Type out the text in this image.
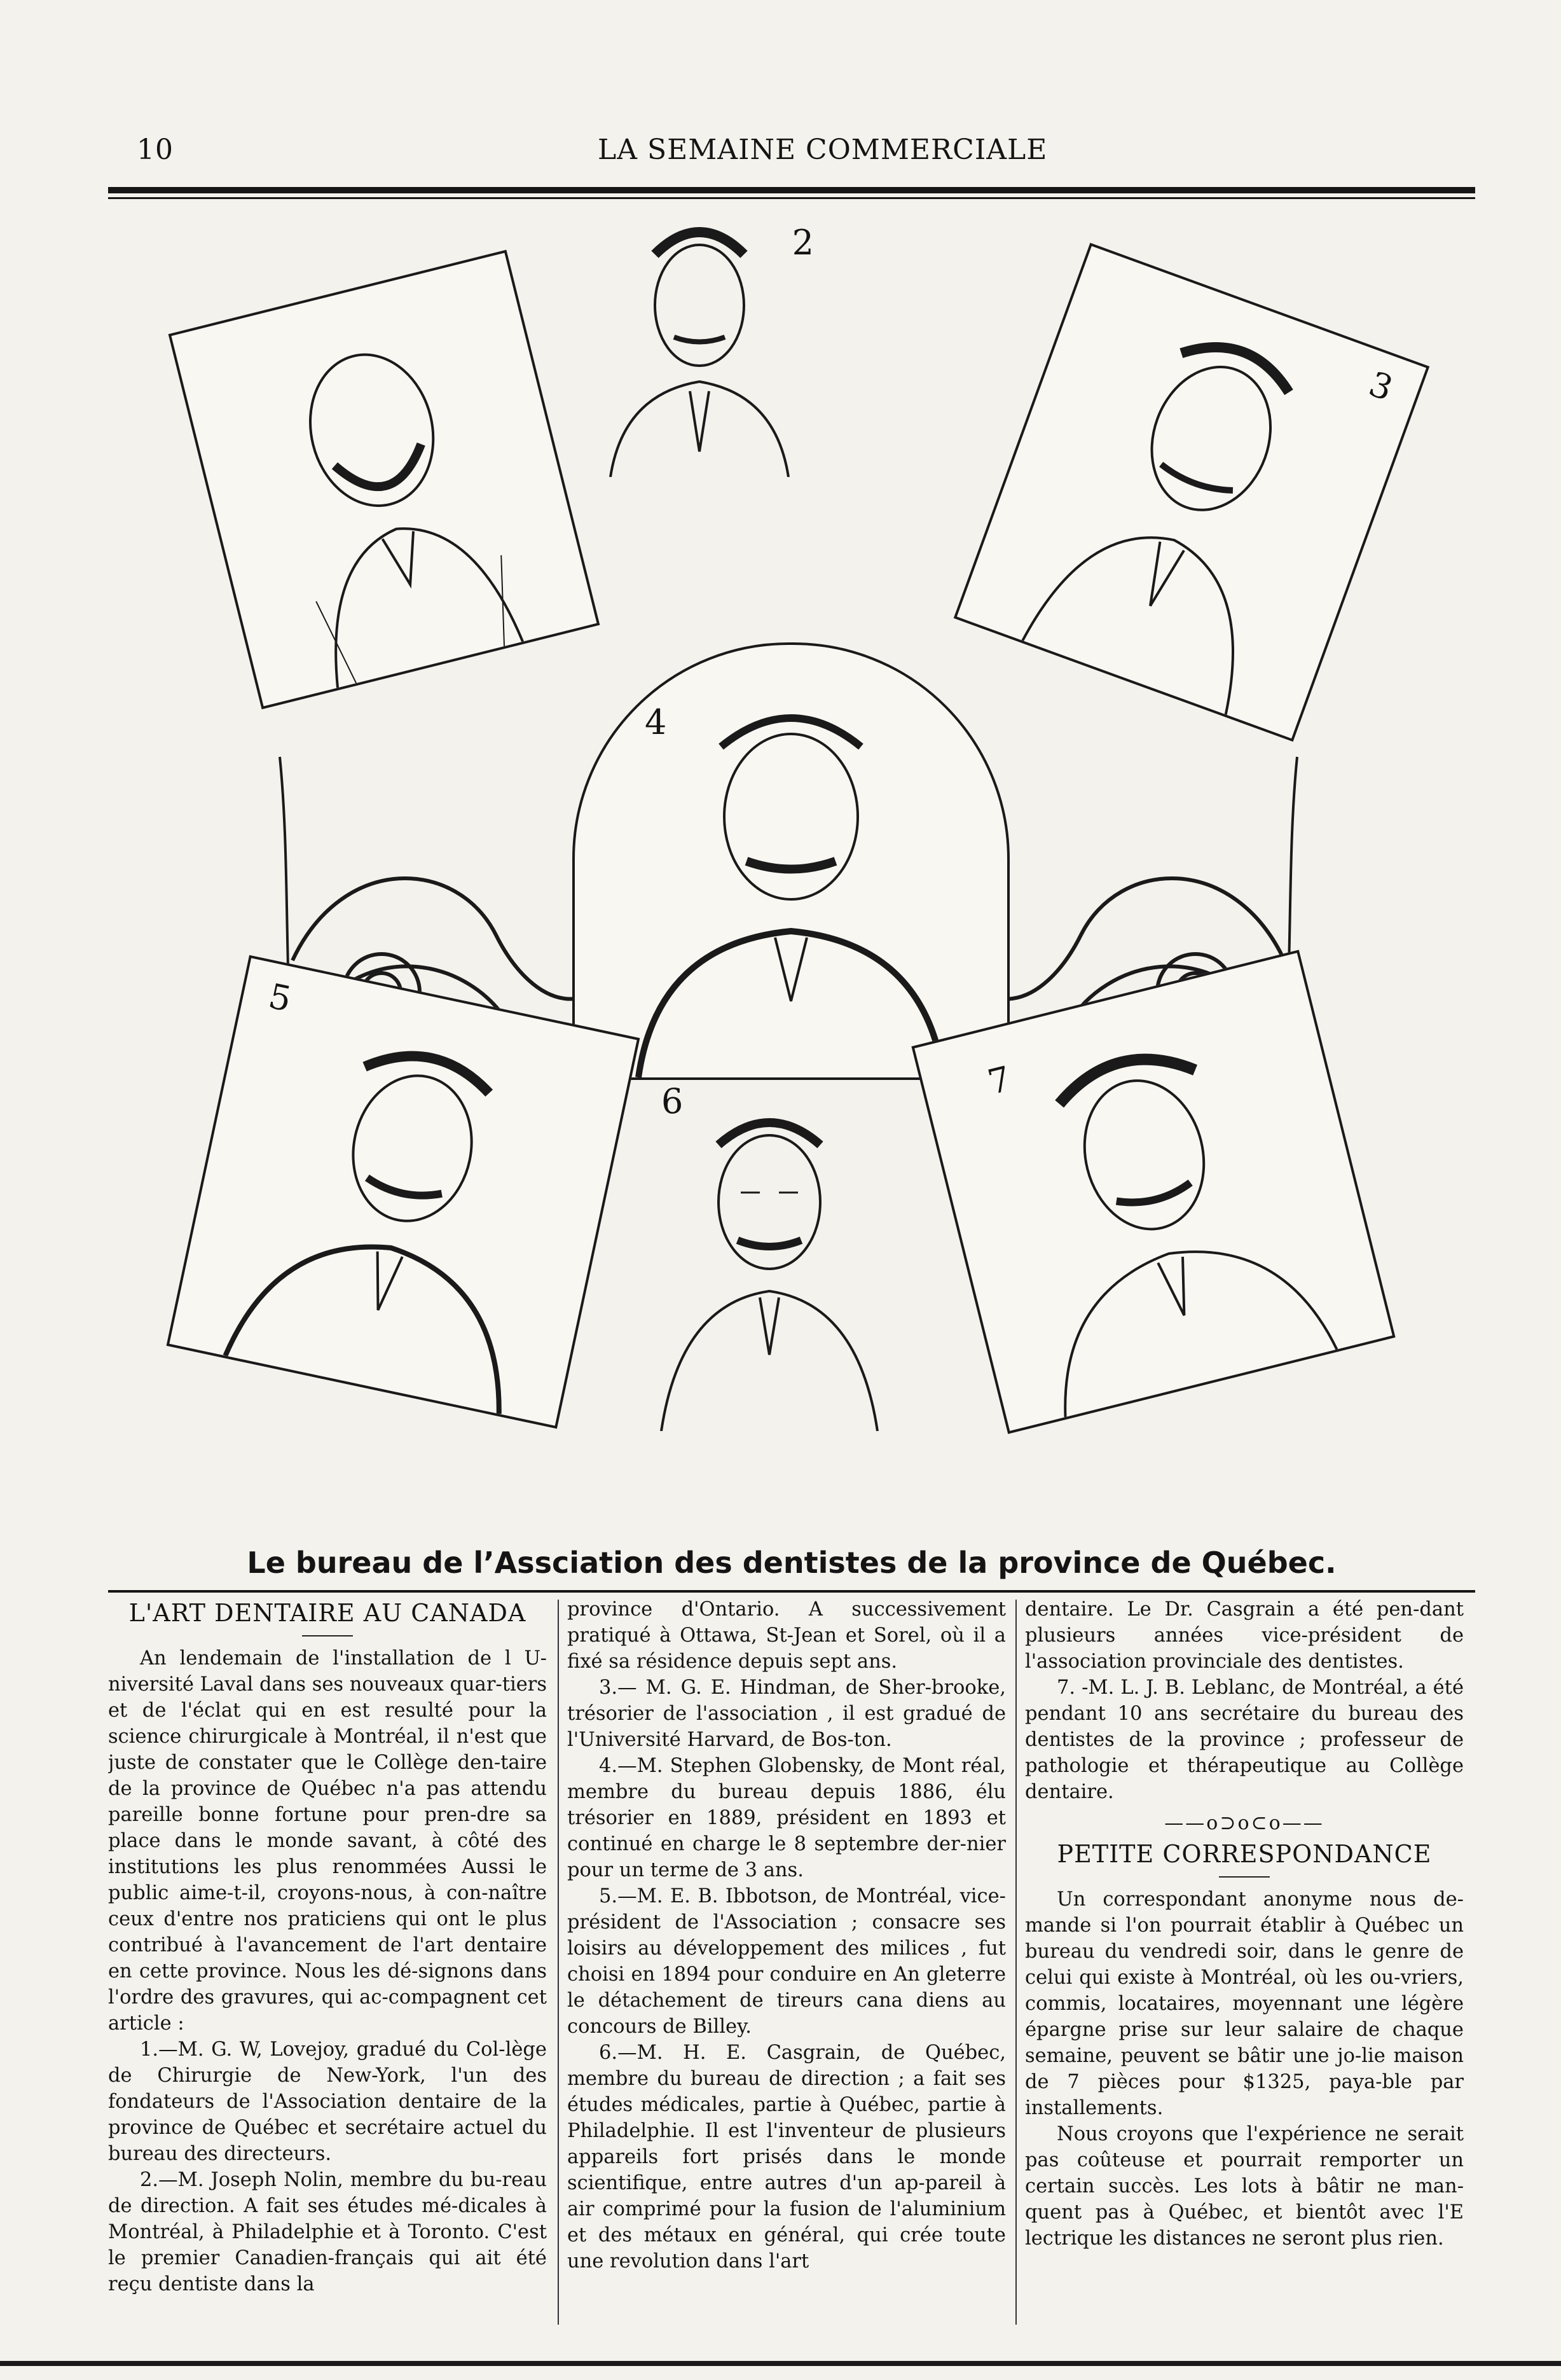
10	LA SEMAINE COMMERCIALE
2
3
4
5
6	7
Le bureau de l’Assciation des dentistes de la province de Québec.
L'ART DENTAIRE AU CANADA

An lendemain de l'installation de l U-niversité Laval dans ses nouveaux quar-tiers et de l'éclat qui en est resulté pour la science chirurgicale à Montréal, il n'est que juste de constater que le Collège den-taire de la province de Québec n'a pas attendu pareille bonne fortune pour pren-dre sa place dans le monde savant, à côté des institutions les plus renommées Aussi le public aime-t-il, croyons-nous, à con-naître ceux d'entre nos praticiens qui ont le plus contribué à l'avancement de l'art dentaire en cette province. Nous les dé-signons dans l'ordre des gravures, qui ac-compagnent cet article :

1.—M. G. W, Lovejoy, gradué du Col-lège de Chirurgie de New-York, l'un des fondateurs de l'Association dentaire de la province de Québec et secrétaire actuel du bureau des directeurs.

2.—M. Joseph Nolin, membre du bu-reau de direction. A fait ses études mé-dicales à Montréal, à Philadelphie et à Toronto. C'est le premier Canadien-français qui ait été reçu dentiste dans la

province d'Ontario. A successivement pratiqué à Ottawa, St-Jean et Sorel, où il a fixé sa résidence depuis sept ans.

3.— M. G. E. Hindman, de Sher-brooke, trésorier de l'association , il est gradué de l'Université Harvard, de Bos-ton.

4.—M. Stephen Globensky, de Mont réal, membre du bureau depuis 1886, élu trésorier en 1889, président en 1893 et continué en charge le 8 septembre der-nier pour un terme de 3 ans.

5.—M. E. B. Ibbotson, de Montréal, vice-président de l'Association ; consacre ses loisirs au développement des milices , fut choisi en 1894 pour conduire en An gleterre le détachement de tireurs cana diens au concours de Billey.

6.—M. H. E. Casgrain, de Québec, membre du bureau de direction ; a fait ses études médicales, partie à Québec, partie à Philadelphie. Il est l'inventeur de plusieurs appareils fort prisés dans le monde scientifique, entre autres d'un ap-pareil à air comprimé pour la fusion de l'aluminium et des métaux en général, qui crée toute une revolution dans l'art

dentaire. Le Dr. Casgrain a été pen-dant plusieurs années vice-président de l'association provinciale des dentistes.

7. -M. L. J. B. Leblanc, de Montréal, a été pendant 10 ans secrétaire du bureau des dentistes de la province ; professeur de pathologie et thérapeutique au Collège dentaire.

——o⊃o⊂o——
PETITE CORRESPONDANCE

Un correspondant anonyme nous de-mande si l'on pourrait établir à Québec un bureau du vendredi soir, dans le genre de celui qui existe à Montréal, où les ou-vriers, commis, locataires, moyennant une légère épargne prise sur leur salaire de chaque semaine, peuvent se bâtir une jo-lie maison de 7 pièces pour $1325, paya-ble par installements.

Nous croyons que l'expérience ne serait pas coûteuse et pourrait remporter un certain succès. Les lots à bâtir ne man-quent pas à Québec, et bientôt avec l'E lectrique les distances ne seront plus rien.
